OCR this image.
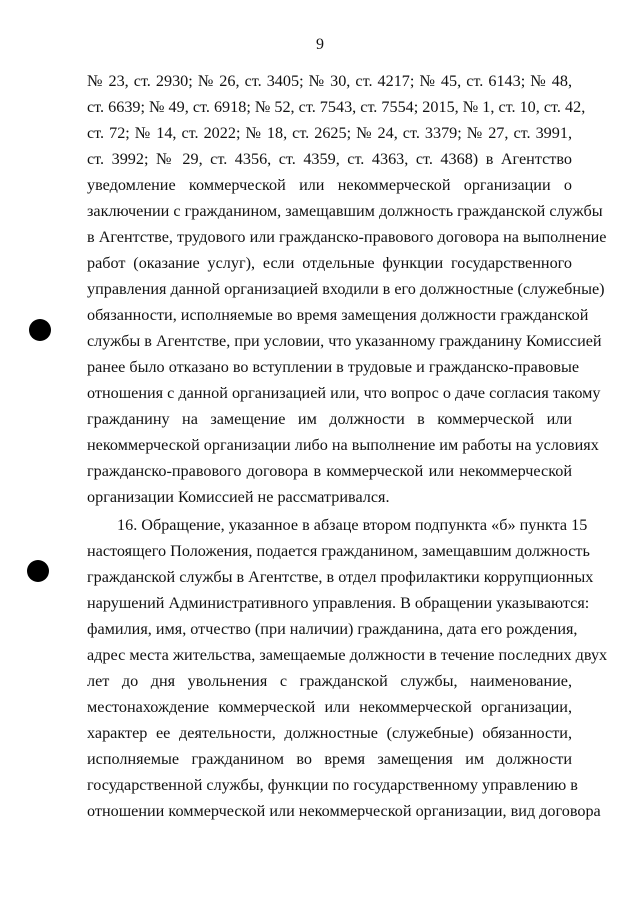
9
№ 23, ст. 2930; № 26, ст. 3405; № 30, ст. 4217; № 45, ст. 6143; № 48,
ст. 6639; № 49, ст. 6918; № 52, ст. 7543, ст. 7554; 2015, № 1, ст. 10, ст. 42,
ст. 72; № 14, ст. 2022; № 18, ст. 2625; № 24, ст. 3379; № 27, ст. 3991,
ст. 3992; № 29, ст. 4356, ст. 4359, ст. 4363, ст. 4368) в Агентство
уведомление коммерческой или некоммерческой организации о
заключении с гражданином, замещавшим должность гражданской службы
в Агентстве, трудового или гражданско-правового договора на выполнение
работ (оказание услуг), если отдельные функции государственного
управления данной организацией входили в его должностные (служебные)
обязанности, исполняемые во время замещения должности гражданской
службы в Агентстве, при условии, что указанному гражданину Комиссией
ранее было отказано во вступлении в трудовые и гражданско-правовые
отношения с данной организацией или, что вопрос о даче согласия такому
гражданину на замещение им должности в коммерческой или
некоммерческой организации либо на выполнение им работы на условиях
гражданско-правового договора в коммерческой или некоммерческой
организации Комиссией не рассматривался.
16. Обращение, указанное в абзаце втором подпункта «б» пункта 15
настоящего Положения, подается гражданином, замещавшим должность
гражданской службы в Агентстве, в отдел профилактики коррупционных
нарушений Административного управления. В обращении указываются:
фамилия, имя, отчество (при наличии) гражданина, дата его рождения,
адрес места жительства, замещаемые должности в течение последних двух
лет до дня увольнения с гражданской службы, наименование,
местонахождение коммерческой или некоммерческой организации,
характер ее деятельности, должностные (служебные) обязанности,
исполняемые гражданином во время замещения им должности
государственной службы, функции по государственному управлению в
отношении коммерческой или некоммерческой организации, вид договора
